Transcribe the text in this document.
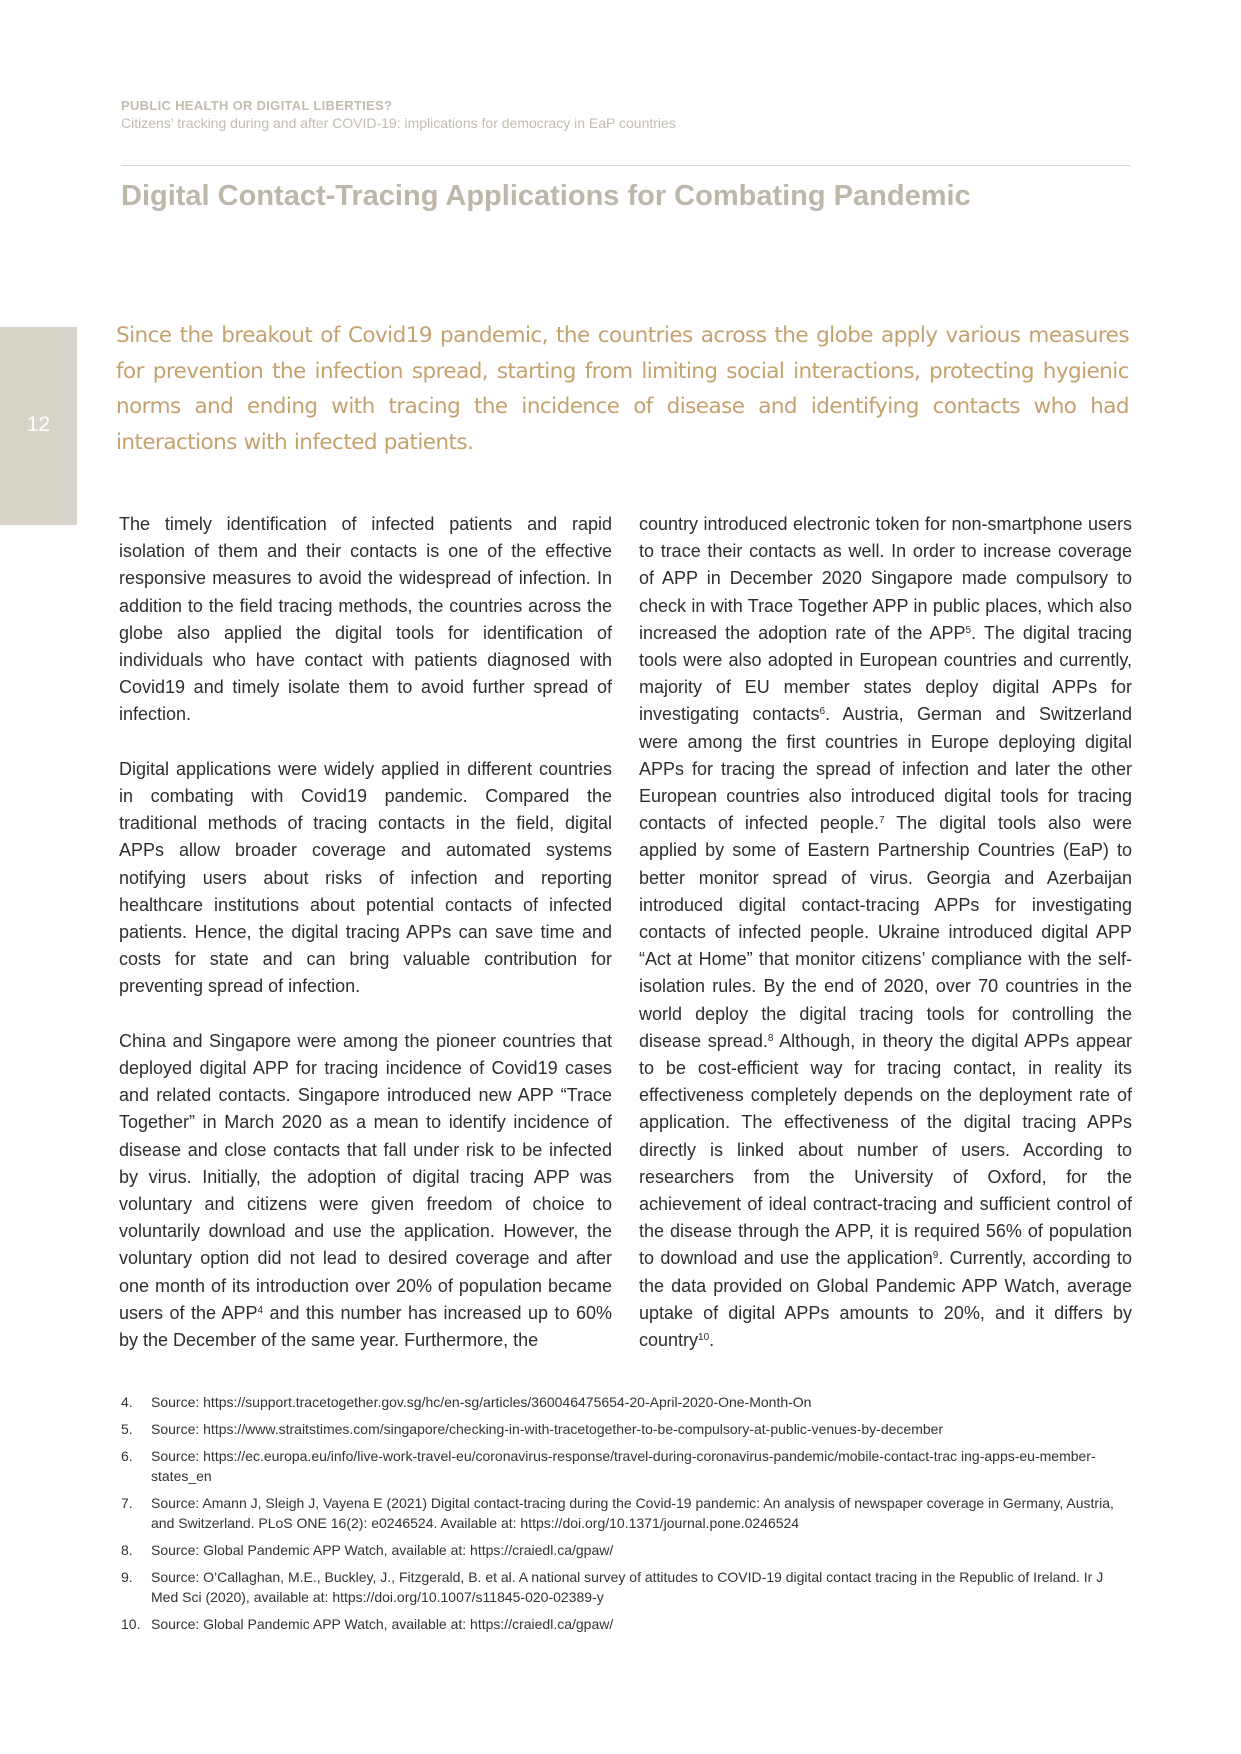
PUBLIC HEALTH OR DIGITAL LIBERTIES?
Citizens’ tracking during and after COVID-19: implications for democracy in EaP countries
Digital Contact-Tracing Applications for Combating Pandemic
12
Since the breakout of Covid19 pandemic, the countries across the globe apply various measures for prevention the infection spread, starting from limiting social interactions, protecting hygienic norms and ending with tracing the incidence of disease and identifying contacts who had interactions with infected patients.

The timely identification of infected patients and rapid isolation of them and their contacts is one of the effective responsive measures to avoid the widespread of infection. In addition to the field tracing methods, the countries across the globe also applied the digital tools for identification of individuals who have contact with patients diagnosed with Covid19 and timely isolate them to avoid further spread of infection.

Digital applications were widely applied in different countries in combating with Covid19 pandemic. Compared the traditional methods of tracing contacts in the field, digital APPs allow broader coverage and automated systems notifying users about risks of infection and reporting healthcare institutions about potential contacts of infected patients. Hence, the digital tracing APPs can save time and costs for state and can bring valuable contribution for preventing spread of infection.

China and Singapore were among the pioneer countries that deployed digital APP for tracing incidence of Covid19 cases and related contacts. Singapore introduced new APP “Trace Together” in March 2020 as a mean to identify incidence of disease and close contacts that fall under risk to be infected by virus. Initially, the adoption of digital tracing APP was voluntary and citizens were given freedom of choice to voluntarily download and use the application. However, the voluntary option did not lead to desired coverage and after one month of its introduction over 20% of population became users of the APP$^4$ and this number has increased up to 60% by the December of the same year. Furthermore, the

country introduced electronic token for non-smartphone users to trace their contacts as well. In order to increase coverage of APP in December 2020 Singapore made compulsory to check in with Trace Together APP in public places, which also increased the adoption rate of the APP$^5$. The digital tracing tools were also adopted in European countries and currently, majority of EU member states deploy digital APPs for investigating contacts$^6$. Austria, German and Switzerland were among the first countries in Europe deploying digital APPs for tracing the spread of infection and later the other European countries also introduced digital tools for tracing contacts of infected people.$^7$ The digital tools also were applied by some of Eastern Partnership Countries (EaP) to better monitor spread of virus. Georgia and Azerbaijan introduced digital contact-tracing APPs for investigating contacts of infected people. Ukraine introduced digital APP “Act at Home” that monitor citizens’ compliance with the self-isolation rules. By the end of 2020, over 70 countries in the world deploy the digital tracing tools for controlling the disease spread.$^8$ Although, in theory the digital APPs appear to be cost-efficient way for tracing contact, in reality its effectiveness completely depends on the deployment rate of application. The effectiveness of the digital tracing APPs directly is linked about number of users. According to researchers from the University of Oxford, for the achievement of ideal contract-tracing and sufficient control of the disease through the APP, it is required 56% of population to download and use the application$^9$. Currently, according to the data provided on Global Pandemic APP Watch, average uptake of digital APPs amounts to 20%, and it differs by country$^{10}$.

4.	Source: https://support.tracetogether.gov.sg/hc/en-sg/articles/360046475654-20-April-2020-One-Month-On
5.	Source: https://www.straitstimes.com/singapore/checking-in-with-tracetogether-to-be-compulsory-at-public-venues-by-december
6.	Source: https://ec.europa.eu/info/live-work-travel-eu/coronavirus-response/travel-during-coronavirus-pandemic/mobile-contact-trac ing-apps-eu-member-states_en
7.	Source: Amann J, Sleigh J, Vayena E (2021) Digital contact-tracing during the Covid-19 pandemic: An analysis of newspaper coverage in Germany, Austria, and Switzerland. PLoS ONE 16(2): e0246524. Available at: https://doi.org/10.1371/journal.pone.0246524
8.	Source: Global Pandemic APP Watch, available at: https://craiedl.ca/gpaw/
9.	Source: O’Callaghan, M.E., Buckley, J., Fitzgerald, B. et al. A national survey of attitudes to COVID-19 digital contact tracing in the Republic of Ireland. Ir J Med Sci (2020), available at: https://doi.org/10.1007/s11845-020-02389-y
10. Source: Global Pandemic APP Watch, available at: https://craiedl.ca/gpaw/
